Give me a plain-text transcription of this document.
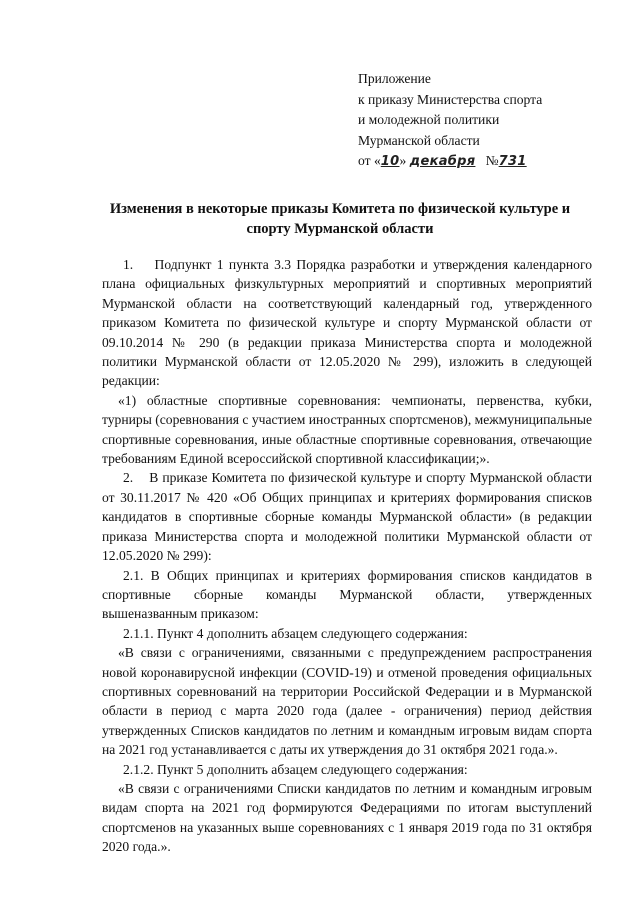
Приложение
к приказу Министерства спорта
и молодежной политики
Мурманской области
от «10» декабря №731
Изменения в некоторые приказы Комитета по физической культуре и спорту Мурманской области

1.    Подпункт 1 пункта 3.3 Порядка разработки и утверждения календарного плана официальных физкультурных мероприятий и спортивных мероприятий Мурманской области на соответствующий календарный год, утвержденного приказом Комитета по физической культуре и спорту Мурманской области от 09.10.2014 № 290 (в редакции приказа Министерства спорта и молодежной политики Мурманской области от 12.05.2020 № 299), изложить в следующей редакции:

«1) областные спортивные соревнования: чемпионаты, первенства, кубки, турниры (соревнования с участием иностранных спортсменов), межмуниципальные спортивные соревнования, иные областные спортивные соревнования, отвечающие требованиям Единой всероссийской спортивной классификации;».

2.    В приказе Комитета по физической культуре и спорту Мурманской области от 30.11.2017 № 420 «Об Общих принципах и критериях формирования списков кандидатов в спортивные сборные команды Мурманской области» (в редакции приказа Министерства спорта и молодежной политики Мурманской области от 12.05.2020 № 299):

2.1. В Общих принципах и критериях формирования списков кандидатов в спортивные сборные команды Мурманской области, утвержденных вышеназванным приказом:

2.1.1. Пункт 4 дополнить абзацем следующего содержания:

«В связи с ограничениями, связанными с предупреждением распространения новой коронавирусной инфекции (COVID-19) и отменой проведения официальных спортивных соревнований на территории Российской Федерации и в Мурманской области в период с марта 2020 года (далее - ограничения) период действия утвержденных Списков кандидатов по летним и командным игровым видам спорта на 2021 год устанавливается с даты их утверждения до 31 октября 2021 года.».

2.1.2. Пункт 5 дополнить абзацем следующего содержания:

«В связи с ограничениями Списки кандидатов по летним и командным игровым видам спорта на 2021 год формируются Федерациями по итогам выступлений спортсменов на указанных выше соревнованиях с 1 января 2019 года по 31 октября 2020 года.».
